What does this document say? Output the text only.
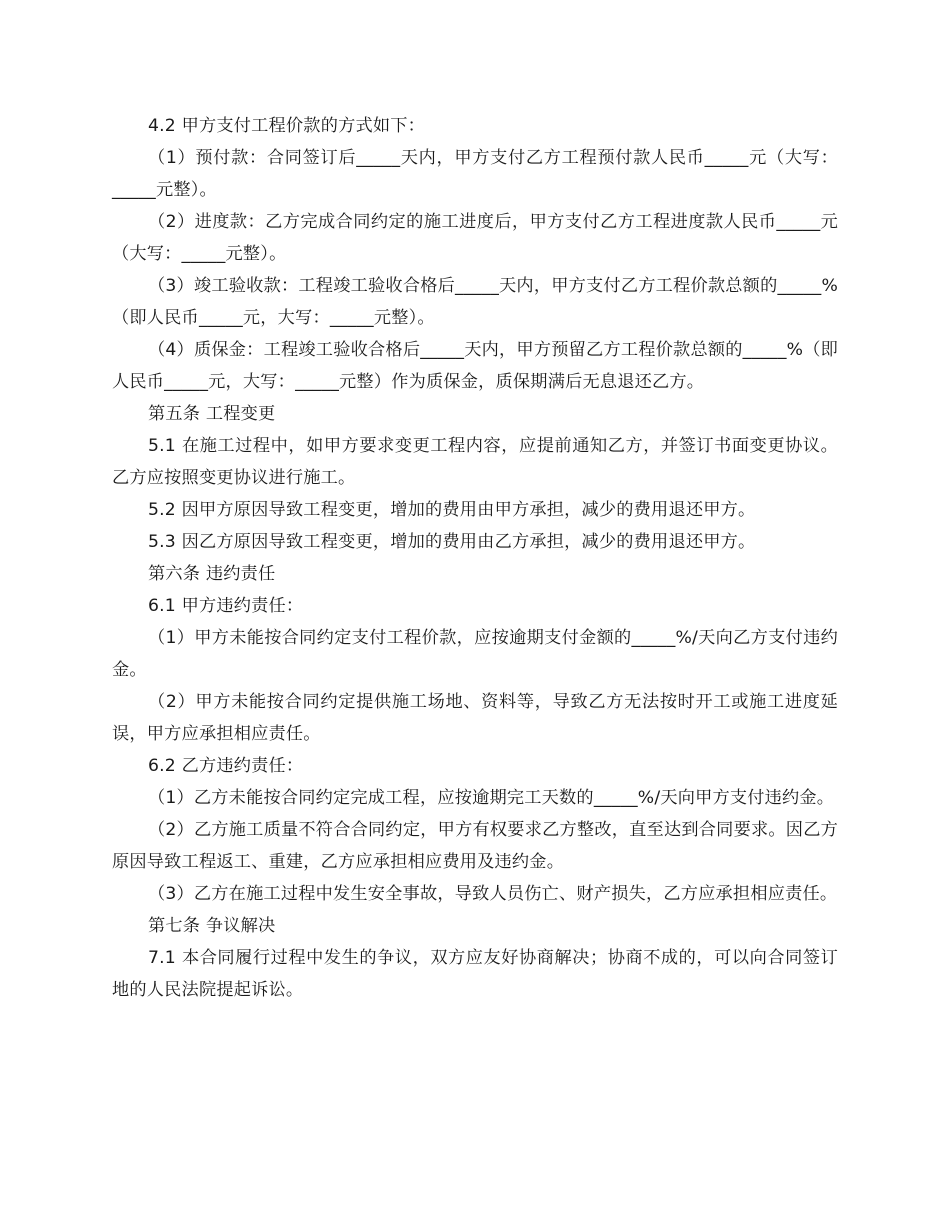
4.2 甲方支付工程价款的方式如下：

（1）预付款：合同签订后_____天内，甲方支付乙方工程预付款人民币_____元（大写：_____元整）。

（2）进度款：乙方完成合同约定的施工进度后，甲方支付乙方工程进度款人民币_____元（大写：_____元整）。

（3）竣工验收款：工程竣工验收合格后_____天内，甲方支付乙方工程价款总额的_____%（即人民币_____元，大写：_____元整）。

（4）质保金：工程竣工验收合格后_____天内，甲方预留乙方工程价款总额的_____%（即人民币_____元，大写：_____元整）作为质保金，质保期满后无息退还乙方。

第五条 工程变更

5.1 在施工过程中，如甲方要求变更工程内容，应提前通知乙方，并签订书面变更协议。乙方应按照变更协议进行施工。

5.2 因甲方原因导致工程变更，增加的费用由甲方承担，减少的费用退还甲方。

5.3 因乙方原因导致工程变更，增加的费用由乙方承担，减少的费用退还甲方。

第六条 违约责任

6.1 甲方违约责任：

（1）甲方未能按合同约定支付工程价款，应按逾期支付金额的_____%/天向乙方支付违约金。

（2）甲方未能按合同约定提供施工场地、资料等，导致乙方无法按时开工或施工进度延误，甲方应承担相应责任。

6.2 乙方违约责任：

（1）乙方未能按合同约定完成工程，应按逾期完工天数的_____%/天向甲方支付违约金。

（2）乙方施工质量不符合合同约定，甲方有权要求乙方整改，直至达到合同要求。因乙方原因导致工程返工、重建，乙方应承担相应费用及违约金。

（3）乙方在施工过程中发生安全事故，导致人员伤亡、财产损失，乙方应承担相应责任。

第七条 争议解决

7.1 本合同履行过程中发生的争议，双方应友好协商解决；协商不成的，可以向合同签订地的人民法院提起诉讼。
